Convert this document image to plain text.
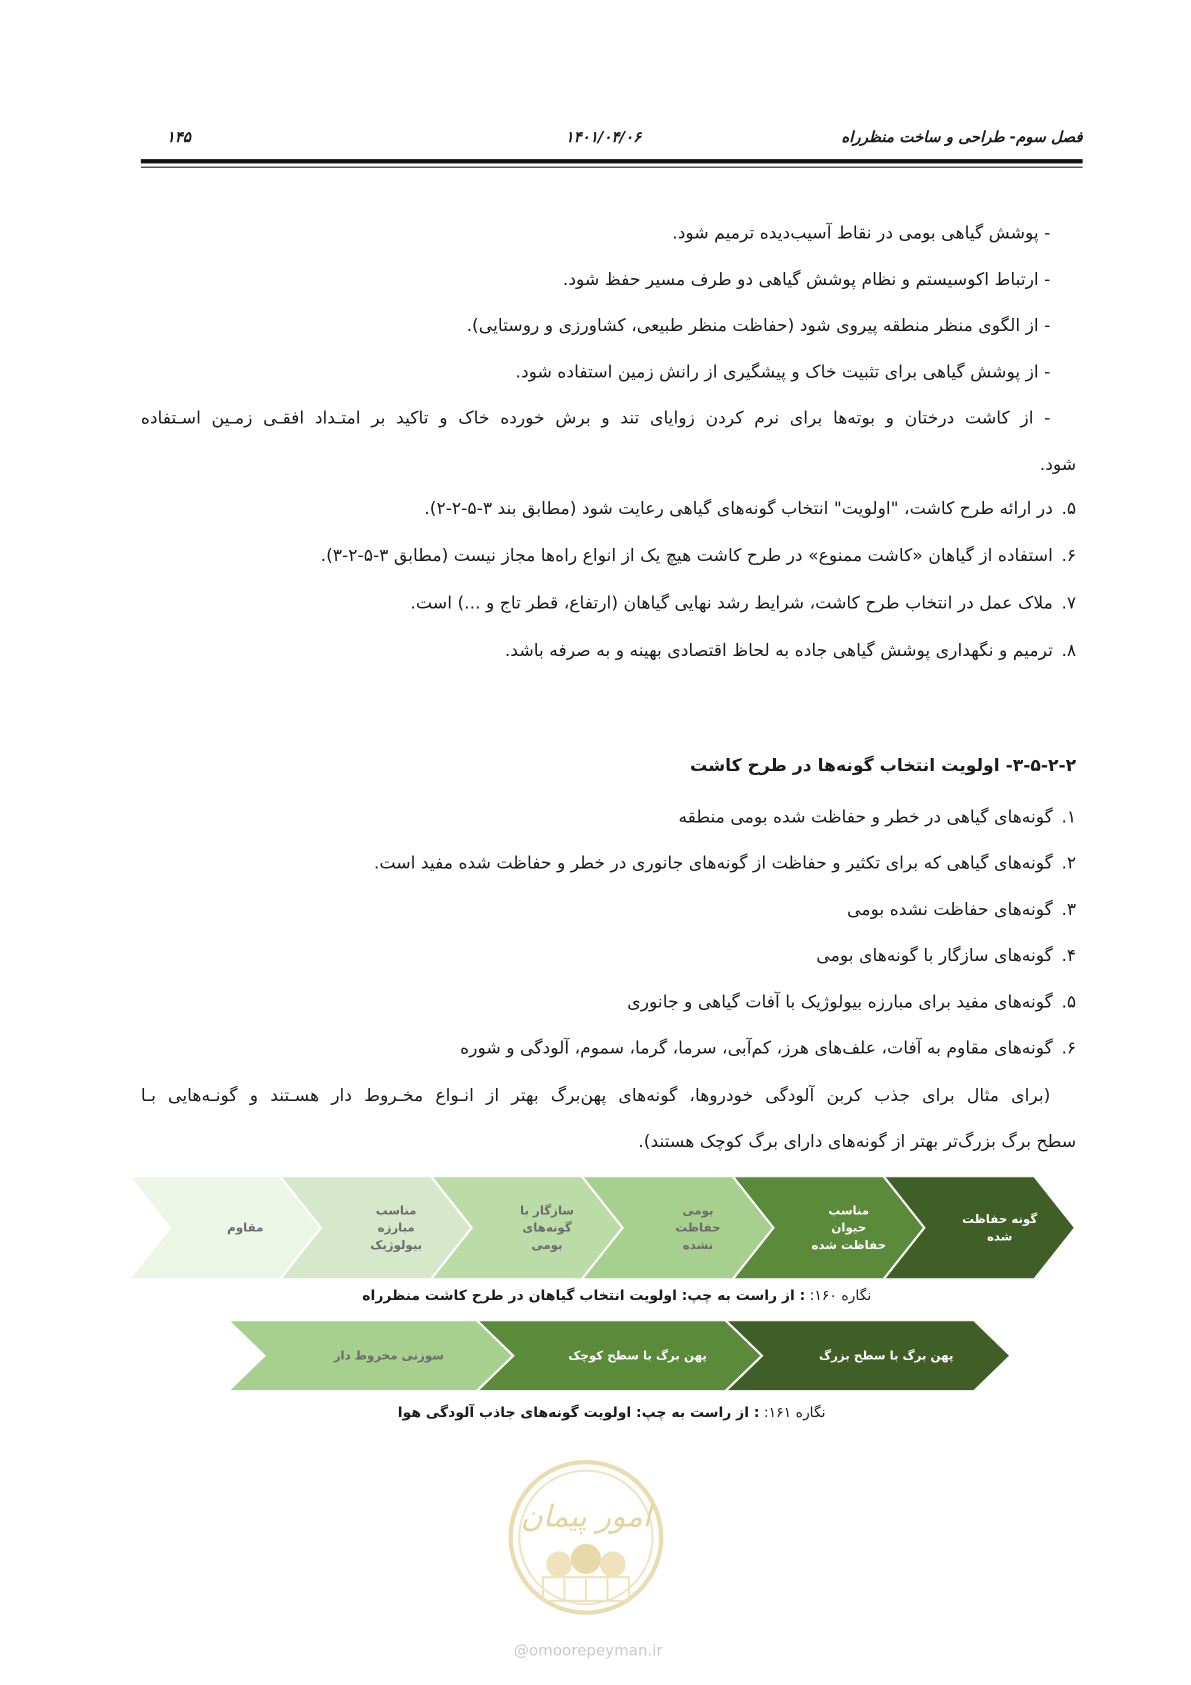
فصل سوم- طراحی و ساخت منظرراه
۱۴۰۱/۰۴/۰۶
۱۴۵
- پوشش گیاهی بومی در نقاط آسیب‌دیده ترمیم شود.
- ارتباط اکوسیستم و نظام پوشش گیاهی دو طرف مسیر حفظ شود.
- از الگوی منظر منطقه پیروی شود (حفاظت منظر طبیعی، کشاورزی و روستایی).
- از پوشش گیاهی برای تثبیت خاک و پیشگیری از رانش زمین استفاده شود.
- از کاشت درختان و بوته‌ها برای نرم کردن زوایای تند و برش خورده خاک و تاکید بر امتـداد افقـی زمـین اسـتفاده
شود.
۵.در ارائه طرح کاشت، "اولویت" انتخاب گونه‌های گیاهی رعایت شود (مطابق بند ۳-۵-۲-۲).
۶.استفاده از گیاهان «کاشت ممنوع» در طرح کاشت هیچ یک از انواع راه‌ها مجاز نیست (مطابق ۳-۵-۲-۳).
۷.ملاک عمل در انتخاب طرح کاشت، شرایط رشد نهایی گیاهان (ارتفاع، قطر تاج و ...) است.
۸.ترمیم و نگهداری پوشش گیاهی جاده به لحاظ اقتصادی بهینه و به صرفه باشد.
۳-۵-۲-۲- اولویت انتخاب گونه‌ها در طرح کاشت
۱.گونه‌های گیاهی در خطر و حفاظت شده بومی منطقه
۲.گونه‌های گیاهی که برای تکثیر و حفاظت از گونه‌های جانوری در خطر و حفاظت شده مفید است.
۳.گونه‌های حفاظت نشده بومی
۴.گونه‌های سازگار با گونه‌های بومی
۵.گونه‌های مفید برای مبارزه بیولوژیک با آفات گیاهی و جانوری
۶.گونه‌های مقاوم به آفات، علف‌های هرز، کم‌آبی، سرما، گرما، سموم، آلودگی و شوره
(برای مثال برای جذب کربن آلودگی خودروها، گونه‌های پهن‌برگ بهتر از انـواع مخـروط دار هسـتند و گونـه‌هایی بـا
سطح برگ بزرگ‌تر بهتر از گونه‌های دارای برگ کوچک هستند).
گونه حفاظت
شده
مناسب
حیوان
حفاظت شده
بومی
حفاظت
نشده
سازگار با
گونه‌های
بومی
مناسب
مبارزه
بیولوژیک
مقاوم
نگاره ۱۶۰: : از راست به چپ: اولویت انتخاب گیاهان در طرح کاشت منظرراه
پهن برگ با سطح بزرگ
پهن برگ با سطح کوچک
سوزنی مخروط دار
نگاره ۱۶۱: : از راست به چپ: اولویت گونه‌های جاذب آلودگی هوا
امور پیمان
@omoorepeyman.ir
